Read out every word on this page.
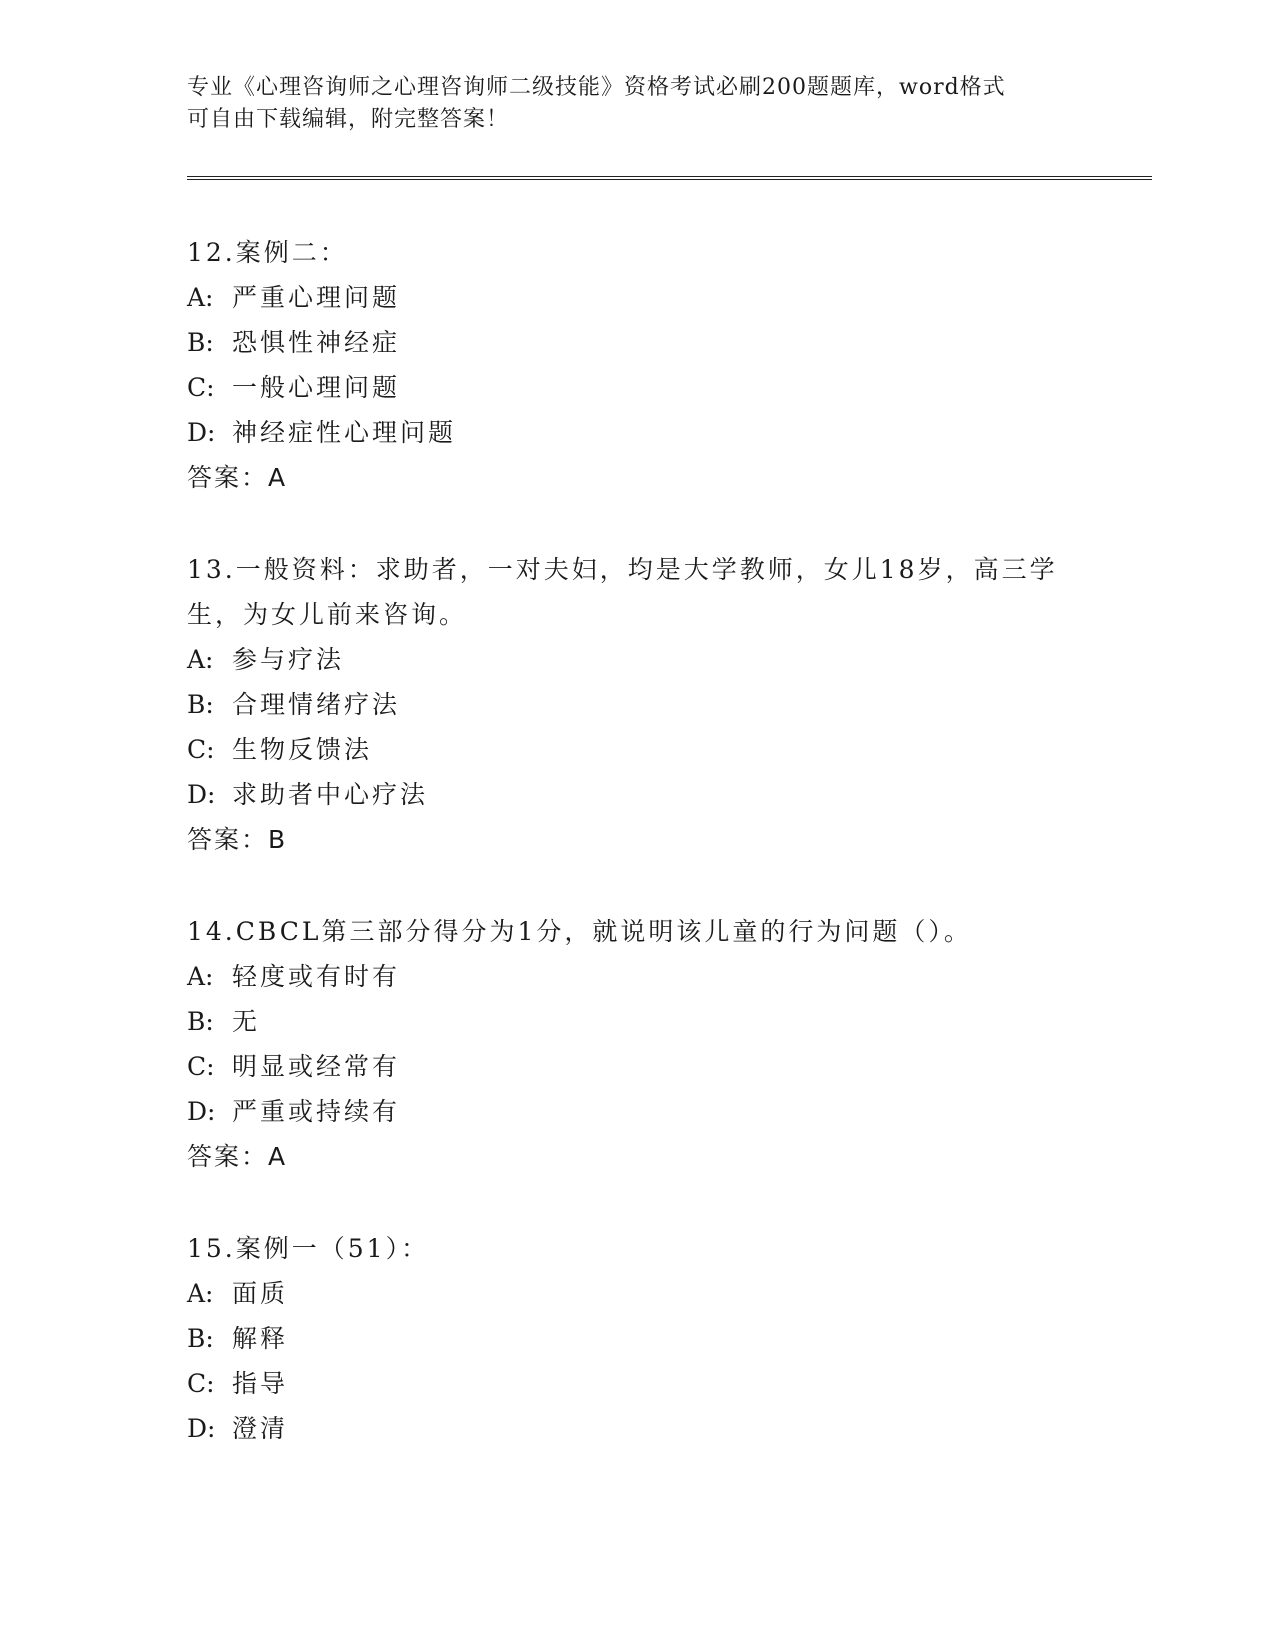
专业《心理咨询师之心理咨询师二级技能》资格考试必刷200题题库，word格式
可自由下载编辑，附完整答案！
12.案例二：
A: 严重心理问题
B: 恐惧性神经症
C: 一般心理问题
D: 神经症性心理问题
答案：A
13.一般资料：求助者，一对夫妇，均是大学教师，女儿18岁，高三学生，为女儿前来咨询。
A: 参与疗法
B: 合理情绪疗法
C: 生物反馈法
D: 求助者中心疗法
答案：B
14.CBCL第三部分得分为1分，就说明该儿童的行为问题（）。
A: 轻度或有时有
B: 无
C: 明显或经常有
D: 严重或持续有
答案：A
15.案例一（51）：
A: 面质
B: 解释
C: 指导
D: 澄清
